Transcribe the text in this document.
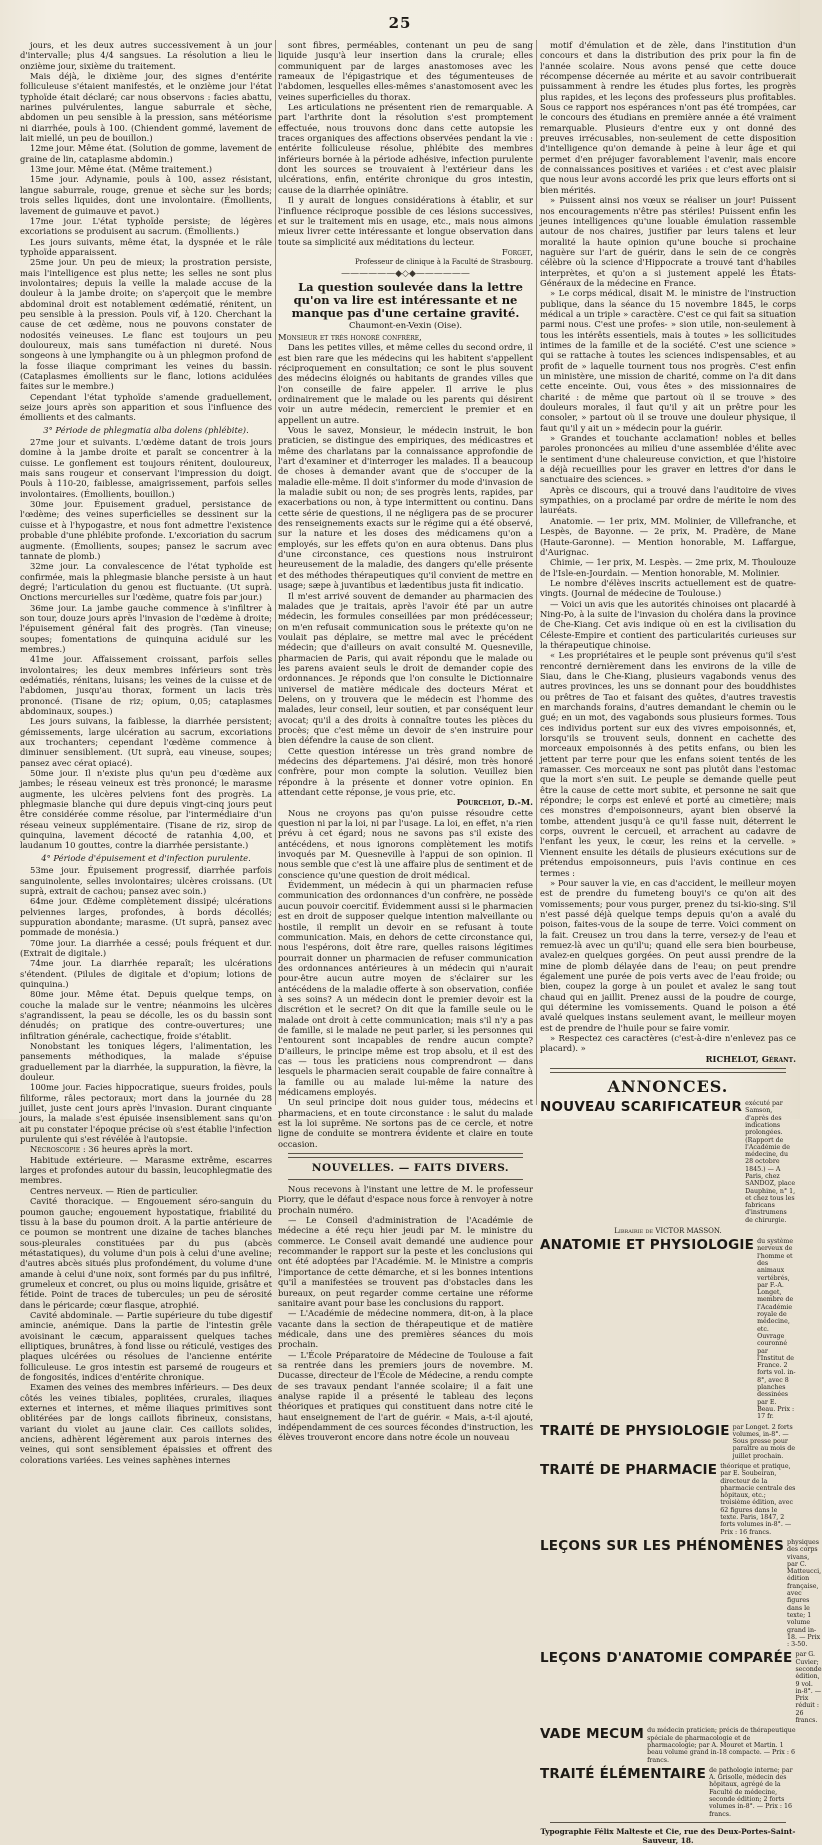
25

jours, et les deux autres successivement à un jour d'intervalle; plus 4/4 sangsues. La résolution a lieu le onzième jour, sixième du traitement.

Mais déjà, le dixième jour, des signes d'entérite folliculeuse s'étaient manifestés, et le onzième jour l'état typhoïde était déclaré; car nous observons : facies abattu, narines pulvérulentes, langue saburrale et sèche, abdomen un peu sensible à la pression, sans météorisme ni diarrhée, pouls à 100. (Chiendent gommé, lavement de lait miellé, un peu de bouillon.)

12me jour. Même état. (Solution de gomme, lavement de graine de lin, cataplasme abdomin.)

13me jour. Même état. (Même traitement.)

15me jour. Adynamie, pouls à 100, assez résistant, langue saburrale, rouge, grenue et sèche sur les bords; trois selles liquides, dont une involontaire. (Émollients, lavement de guimauve et pavot.)

17me jour. L'état typhoïde persiste; de légères excoriations se produisent au sacrum. (Émollients.)

Les jours suivants, même état, la dyspnée et le râle typhoïde apparaissent.

25me jour. Un peu de mieux; la prostration persiste, mais l'intelligence est plus nette; les selles ne sont plus involontaires; depuis la veille la malade accuse de la douleur à la jambe droite; on s'aperçoit que le membre abdominal droit est notablement œdématié, rénitent, un peu sensible à la pression. Pouls vif, à 120. Cherchant la cause de cet œdème, nous ne pouvons constater de nodosités veineuses. Le flanc est toujours un peu douloureux, mais sans tuméfaction ni dureté. Nous songeons à une lymphangite ou à un phlegmon profond de la fosse iliaque comprimant les veines du bassin. (Cataplasmes émollients sur le flanc, lotions acidulées faites sur le membre.)

Cependant l'état typhoïde s'amende graduellement, seize jours après son apparition et sous l'influence des émollients et des calmants.

3° Période de phlegmatia alba dolens (phlébite).

27me jour et suivants. L'œdème datant de trois jours domine à la jambe droite et paraît se concentrer à la cuisse. Le gonflement est toujours rénitent, douloureux, mais sans rougeur et conservant l'impression du doigt. Pouls à 110-20, faiblesse, amaigrissement, parfois selles involontaires. (Émollients, bouillon.)

30me jour. Épuisement graduel, persistance de l'œdème; des veines superficielles se dessinent sur la cuisse et à l'hypogastre, et nous font admettre l'existence probable d'une phlébite profonde. L'excoriation du sacrum augmente. (Émollients, soupes; pansez le sacrum avec tannate de plomb.)

32me jour. La convalescence de l'état typhoïde est confirmée, mais la phlegmasie blanche persiste à un haut degré; l'articulation du genou est fluctuante. (Ut suprà. Onctions mercurielles sur l'œdème, quatre fois par jour.)

36me jour. La jambe gauche commence à s'infiltrer à son tour, douze jours après l'invasion de l'œdème à droite; l'épuisement général fait des progrès. (Tan vineuse; soupes; fomentations de quinquina acidulé sur les membres.)

41me jour. Affaissement croissant, parfois selles involontaires; les deux membres inférieurs sont très œdématiés, rénitans, luisans; les veines de la cuisse et de l'abdomen, jusqu'au thorax, forment un lacis très prononcé. (Tisane de riz; opium, 0,05; cataplasmes abdominaux, soupes.)

Les jours suivans, la faiblesse, la diarrhée persistent; gémissements, large ulcération au sacrum, excoriations aux trochanters; cependant l'œdème commence à diminuer sensiblement. (Ut suprà, eau vineuse, soupes; pansez avec cérat opiacé).

50me jour. Il n'existe plus qu'un peu d'œdème aux jambes; le réseau veineux est très prononcé; le marasme augmente, les ulcères pelviens font des progrès. La phlegmasie blanche qui dure depuis vingt-cinq jours peut être considérée comme résolue, par l'intermédiaire d'un réseau veineux supplémentaire. (Tisane de riz, sirop de quinquina, lavement décocté de ratanhia 4,00, et laudanum 10 gouttes, contre la diarrhée persistante.)

4° Période d'épuisement et d'infection purulente.

53me jour. Épuisement progressif, diarrhée parfois sanguinolente, selles involontaires; ulcères croissans. (Ut suprà, extrait de cachou; pansez avec soin.)

64me jour. Œdème complètement dissipé; ulcérations pelviennes larges, profondes, à bords décollés; suppuration abondante; marasme. (Ut suprà, pansez avec pommade de monésia.)

70me jour. La diarrhée a cessé; pouls fréquent et dur. (Extrait de digitale.)

74me jour. La diarrhée reparaît; les ulcérations s'étendent. (Pilules de digitale et d'opium; lotions de quinquina.)

80me jour. Même état. Depuis quelque temps, on couche la malade sur le ventre; néanmoins les ulcères s'agrandissent, la peau se décolle, les os du bassin sont dénudés; on pratique des contre-ouvertures; une infiltration générale, cachectique, froide s'établit.

Nonobstant les toniques légers, l'alimentation, les pansements méthodiques, la malade s'épuise graduellement par la diarrhée, la suppuration, la fièvre, la douleur.

100me jour. Facies hippocratique, sueurs froides, pouls filiforme, râles pectoraux; mort dans la journée du 28 juillet, juste cent jours après l'invasion. Durant cinquante jours, la malade s'est épuisée insensiblement sans qu'on ait pu constater l'époque précise où s'est établie l'infection purulente qui s'est révélée à l'autopsie.

Nécroscopie : 36 heures après la mort.

Habitude extérieure. — Marasme extrême, escarres larges et profondes autour du bassin, leucophlegmatie des membres.

Centres nerveux. — Rien de particulier.

Cavité thoracique. — Engouement séro-sanguin du poumon gauche; engouement hypostatique, friabilité du tissu à la base du poumon droit. A la partie antérieure de ce poumon se montrent une dizaine de taches blanches sous-pleurales constituées par du pus (abcès métastatiques), du volume d'un pois à celui d'une aveline; d'autres abcès situés plus profondément, du volume d'une amande à celui d'une noix, sont formés par du pus infiltré, grumeleux et concret, ou plus ou moins liquide, grisâtre et fétide. Point de traces de tubercules; un peu de sérosité dans le péricarde; cœur flasque, atrophié.

Cavité abdominale. — Partie supérieure du tube digestif amincie, anémique. Dans la partie de l'intestin grêle avoisinant le cæcum, apparaissent quelques taches elliptiques, brunâtres, à fond lisse ou réticulé, vestiges des plaques ulcérées ou résolues de l'ancienne entérite folliculeuse. Le gros intestin est parsemé de rougeurs et de fongosités, indices d'entérite chronique.

Examen des veines des membres inférieurs. — Des deux côtés les veines tibiales, poplitées, crurales, iliaques externes et internes, et même iliaques primitives sont oblitérées par de longs caillots fibrineux, consistans, variant du violet au jaune clair. Ces caillots solides, anciens, adhèrent légèrement aux parois internes des veines, qui sont sensiblement épaissies et offrent des colorations variées. Les veines saphènes internes

sont fibres, perméables, contenant un peu de sang liquide jusqu'à leur insertion dans la crurale; elles communiquent par de larges anastomoses avec les rameaux de l'épigastrique et des tégumenteuses de l'abdomen, lesquelles elles-mêmes s'anastomosent avec les veines superficielles du thorax.

Les articulations ne présentent rien de remarquable. A part l'arthrite dont la résolution s'est promptement effectuée, nous trouvons donc dans cette autopsie les traces organiques des affections observées pendant la vie : entérite folliculeuse résolue, phlébite des membres inférieurs bornée à la période adhésive, infection purulente dont les sources se trouvaient à l'extérieur dans les ulcérations, enfin, entérite chronique du gros intestin, cause de la diarrhée opiniâtre.

Il y aurait de longues considérations à établir, et sur l'influence réciproque possible de ces lésions successives, et sur le traitement mis en usage, etc., mais nous aimons mieux livrer cette intéressante et longue observation dans toute sa simplicité aux méditations du lecteur.

Forget,

Professeur de clinique à la Faculté de Strasbourg.

——————◆◇◆——————

La question soulevée dans la lettre qu'on va lire est intéressante et ne manque pas d'une certaine gravité.

Chaumont-en-Vexin (Oise).

Monsieur et très honoré confrère,

Dans les petites villes, et même celles du second ordre, il est bien rare que les médecins qui les habitent s'appellent réciproquement en consultation; ce sont le plus souvent des médecins éloignés ou habitants de grandes villes que l'on conseille de faire appeler. Il arrive le plus ordinairement que le malade ou les parents qui désirent voir un autre médecin, remercient le premier et en appellent un autre.

Vous le savez, Monsieur, le médecin instruit, le bon praticien, se distingue des empiriques, des médicastres et même des charlatans par la connaissance approfondie de l'art d'examiner et d'interroger les malades. Il a beaucoup de choses à demander avant que de s'occuper de la maladie elle-même. Il doit s'informer du mode d'invasion de la maladie subit ou non; de ses progrès lents, rapides, par exacerbations ou non, à type intermittent ou continu. Dans cette série de questions, il ne négligera pas de se procurer des renseignements exacts sur le régime qui a été observé, sur la nature et les doses des médicamens qu'on a employés, sur les effets qu'on en aura obtenus. Dans plus d'une circonstance, ces questions nous instruiront heureusement de la maladie, des dangers qu'elle présente et des méthodes thérapeutiques qu'il convient de mettre en usage; sæpe à juvantibus et lædentibus justa fit indicatio.

Il m'est arrivé souvent de demander au pharmacien des malades que je traitais, après l'avoir été par un autre médecin, les formules conseillées par mon prédécesseur; on m'en refusait communication sous le prétexte qu'on ne voulait pas déplaire, se mettre mal avec le précédent médecin; que d'ailleurs on avait consulté M. Quesneville, pharmacien de Paris, qui avait répondu que le malade ou les parens avaient seuls le droit de demander copie des ordonnances. Je réponds que l'on consulte le Dictionnaire universel de matière médicale des docteurs Mérat et Delens, on y trouvera que le médecin est l'homme des malades, leur conseil, leur soutien, et par conséquent leur avocat; qu'il a des droits à connaître toutes les pièces du procès; que c'est même un devoir de s'en instruire pour bien défendre la cause de son client.

Cette question intéresse un très grand nombre de médecins des départemens. J'ai désiré, mon très honoré confrère, pour mon compte la solution. Veuillez bien répondre à la présente et donner votre opinion. En attendant cette réponse, je vous prie, etc.

Pourcelot, D.-M.

Nous ne croyons pas qu'on puisse résoudre cette question ni par la loi, ni par l'usage. La loi, en effet, n'a rien prévu à cet égard; nous ne savons pas s'il existe des antécédens, et nous ignorons complètement les motifs invoqués par M. Quesneville à l'appui de son opinion. Il nous semble que c'est là une affaire plus de sentiment et de conscience qu'une question de droit médical.

Évidemment, un médecin à qui un pharmacien refuse communication des ordonnances d'un confrère, ne possède aucun pouvoir coercitif. Évidemment aussi si le pharmacien est en droit de supposer quelque intention malveillante ou hostile, il remplit un devoir en se refusant à toute communication. Mais, en dehors de cette circonstance qui, nous l'espérons, doit être rare, quelles raisons légitimes pourrait donner un pharmacien de refuser communication des ordonnances antérieures à un médecin qui n'aurait pour-être aucun autre moyen de s'éclairer sur les antécédens de la maladie offerte à son observation, confiée à ses soins? A un médecin dont le premier devoir est la discrétion et le secret? On dit que la famille seule ou le malade ont droit à cette communication; mais s'il n'y a pas de famille, si le malade ne peut parler, si les personnes qui l'entourent sont incapables de rendre aucun compte? D'ailleurs, le principe même est trop absolu, et il est des cas — tous les praticiens nous comprendront — dans lesquels le pharmacien serait coupable de faire connaître à la famille ou au malade lui-même la nature des médicamens employés.

Un seul principe doit nous guider tous, médecins et pharmaciens, et en toute circonstance : le salut du malade est la loi suprême. Ne sortons pas de ce cercle, et notre ligne de conduite se montrera évidente et claire en toute occasion.

NOUVELLES. — FAITS DIVERS.

Nous recevons à l'instant une lettre de M. le professeur Piorry, que le défaut d'espace nous force à renvoyer à notre prochain numéro.

— Le Conseil d'administration de l'Académie de médecine a été reçu hier jeudi par M. le ministre du commerce. Le Conseil avait demandé une audience pour recommander le rapport sur la peste et les conclusions qui ont été adoptées par l'Académie. M. le Ministre a compris l'importance de cette démarche, et si les bonnes intentions qu'il a manifestées se trouvent pas d'obstacles dans les bureaux, on peut regarder comme certaine une réforme sanitaire avant pour base les conclusions du rapport.

— L'Académie de médecine nommera, dit-on, à la place vacante dans la section de thérapeutique et de matière médicale, dans une des premières séances du mois prochain.

— L'École Préparatoire de Médecine de Toulouse a fait sa rentrée dans les premiers jours de novembre. M. Ducasse, directeur de l'École de Médecine, a rendu compte de ses travaux pendant l'année scolaire; il a fait une analyse rapide il a présenté le tableau des leçons théoriques et pratiques qui constituent dans notre cité le haut enseignement de l'art de guérir. « Mais, a-t-il ajouté, indépendamment de ces sources fécondes d'instruction, les élèves trouveront encore dans notre école un nouveau

motif d'émulation et de zèle, dans l'institution d'un concours et dans la distribution des prix pour la fin de l'année scolaire. Nous avons pensé que cette douce récompense décernée au mérite et au savoir contribuerait puissamment à rendre les études plus fortes, les progrès plus rapides, et les leçons des professeurs plus profitables. Sous ce rapport nos espérances n'ont pas été trompées, car le concours des étudians en première année a été vraiment remarquable. Plusieurs d'entre eux y ont donné des preuves irrécusables, non-seulement de cette disposition d'intelligence qu'on demande à peine à leur âge et qui permet d'en préjuger favorablement l'avenir, mais encore de connaissances positives et variées : et c'est avec plaisir que nous leur avons accordé les prix que leurs efforts ont si bien mérités.

» Puissent ainsi nos vœux se réaliser un jour! Puissent nos encouragements n'être pas stériles! Puissent enfin les jeunes intelligences qu'une louable émulation rassemble autour de nos chaires, justifier par leurs talens et leur moralité la haute opinion qu'une bouche si prochaine naguère sur l'art de guérir, dans le sein de ce congrès célèbre où la science d'Hippocrate a trouvé tant d'habiles interprètes, et qu'on a si justement appelé les États-Généraux de la médecine en France.

» Le corps médical, disait M. le ministre de l'instruction publique, dans la séance du 15 novembre 1845, le corps médical a un triple » caractère. C'est ce qui fait sa situation parmi nous. C'est une profes- » sion utile, non-seulement à tous les intérêts essentiels, mais à toutes » les sollicitudes intimes de la famille et de la société. C'est une science » qui se rattache à toutes les sciences indispensables, et au profit de » laquelle tournent tous nos progrès. C'est enfin un ministère, une mission de charité, comme on l'a dit dans cette enceinte. Oui, vous êtes » des missionnaires de charité : de même que partout où il se trouve » des douleurs morales, il faut qu'il y ait un prêtre pour les consoler, » partout où il se trouve une douleur physique, il faut qu'il y ait un » médecin pour la guérir.

» Grandes et touchante acclamation! nobles et belles paroles prononcées au milieu d'une assemblée d'élite avec le sentiment d'une chaleureuse conviction, et que l'histoire a déjà recueillies pour les graver en lettres d'or dans le sanctuaire des sciences. »

Après ce discours, qui a trouvé dans l'auditoire de vives sympathies, on a proclamé par ordre de mérite le nom des lauréats.

Anatomie. — 1er prix, MM. Molinier, de Villefranche, et Lespès, de Bayonne. — 2e prix, M. Pradère, de Mane (Haute-Garonne). — Mention honorable, M. Laffargue, d'Aurignac.

Chimie, — 1er prix, M. Lespès. — 2me prix, M. Thoulouze de l'Isle-en-Jourdain. — Mention honorable, M. Molinier.

Le nombre d'élèves inscrits actuellement est de quatre-vingts. (Journal de médecine de Toulouse.)

— Voici un avis que les autorités chinoises ont placardé à Ning-Po, à la suite de l'invasion du choléra dans la province de Che-Kiang. Cet avis indique où en est la civilisation du Céleste-Empire et contient des particularités curieuses sur la thérapeutique chinoise.

« Les propriétaires et le peuple sont prévenus qu'il s'est rencontré dernièrement dans les environs de la ville de Siau, dans le Che-Kiang, plusieurs vagabonds venus des autres provinces, les uns se donnant pour des bouddhistes ou prêtres de Tao et faisant des quêtes, d'autres travestis en marchands forains, d'autres demandant le chemin ou le gué; en un mot, des vagabonds sous plusieurs formes. Tous ces individus portent sur eux des vivres empoisonnés, et, lorsqu'ils se trouvent seuls, donnent en cachette des morceaux empoisonnés à des petits enfans, ou bien les jettent par terre pour que les enfans soient tentés de les ramasser. Ces morceaux ne sont pas plutôt dans l'estomac que la mort s'en suit. Le peuple se demande quelle peut être la cause de cette mort subite, et personne ne sait que répondre; le corps est enlevé et porté au cimetière; mais ces monstres d'empoisonneurs, ayant bien observé la tombe, attendent jusqu'à ce qu'il fasse nuit, déterrent le corps, ouvrent le cercueil, et arrachent au cadavre de l'enfant les yeux, le cœur, les reins et la cervelle. » Viennent ensuite les détails de plusieurs exécutions sur de prétendus empoisonneurs, puis l'avis continue en ces termes :

» Pour sauver la vie, en cas d'accident, le meilleur moyen est de prendre du fumeteng bouyi's ce qu'on ait des vomissements; pour vous purger, prenez du tsi-kio-sing. S'il n'est passé déjà quelque temps depuis qu'on a avalé du poison, faites-vous de la soupe de terre. Voici comment on la fait. Creusez un trou dans la terre, versez-y de l'eau et remuez-là avec un qu'il'u; quand elle sera bien bourbeuse, avalez-en quelques gorgées. On peut aussi prendre de la mine de plomb délayée dans de l'eau; on peut prendre également une purée de pois verts avec de l'eau froide; ou bien, coupez la gorge à un poulet et avalez le sang tout chaud qui en jaillit. Prenez aussi de la poudre de courge, qui détermine les vomissements. Quand le poison a été avalé quelques instans seulement avant, le meilleur moyen est de prendre de l'huile pour se faire vomir.

» Respectez ces caractères (c'est-à-dire n'enlevez pas ce placard). »

RICHELOT, Gérant.

ANNONCES.
NOUVEAU SCARIFICATEUR exécuté par Samson, d'après des indications prolongées. (Rapport de l'Académie de médecine, du 28 octobre 1845.) — A Paris, chez SANDOZ, place Dauphine, n° 1, et chez tous les fabricans d'instrumens de chirurgie.
Librairie de VICTOR MASSON.
ANATOMIE ET PHYSIOLOGIE du système nerveux de l'homme et des animaux vertébrés, par F.-A. Longet, membre de l'Académie royale de médecine, etc. Ouvrage couronné par l'Institut de France. 2 forts vol. in-8°, avec 8 planches dessinées par E. Beau. Prix : 17 fr.
TRAITÉ DE PHYSIOLOGIE par Longet. 2 forts volumes, in-8°. — Sous presse pour paraître au mois de juillet prochain.
TRAITÉ DE PHARMACIE théorique et pratique, par E. Soubeiran, directeur de la pharmacie centrale des hôpitaux, etc.; troisième édition, avec 62 figures dans le texte. Paris, 1847, 2 forts volumes in-8°. — Prix : 16 francs.
LEÇONS SUR LES PHÉNOMÈNES physiques des corps vivans, par C. Matteucci, édition française, avec figures dans le texte; 1 volume grand in-18. — Prix : 3-50.
LEÇONS D'ANATOMIE COMPARÉE par G. Cuvier; seconde édition, 9 vol. in-8°. — Prix réduit : 26 francs.
VADE MECUM du médecin praticien; précis de thérapeutique spéciale de pharmacologie et de pharmacologie; par A. Mouret et Martin. 1 beau volume grand in-18 compacte. — Prix : 6 francs.
TRAITÉ ÉLÉMENTAIRE de pathologie interne; par A. Grisolle, médecin des hôpitaux, agrégé de la Faculté de médecine, seconde édition; 2 forts volumes in-8°. — Prix : 16 francs.
Typographie Félix Malteste et Cie, rue des Deux-Portes-Saint-Sauveur, 18.
